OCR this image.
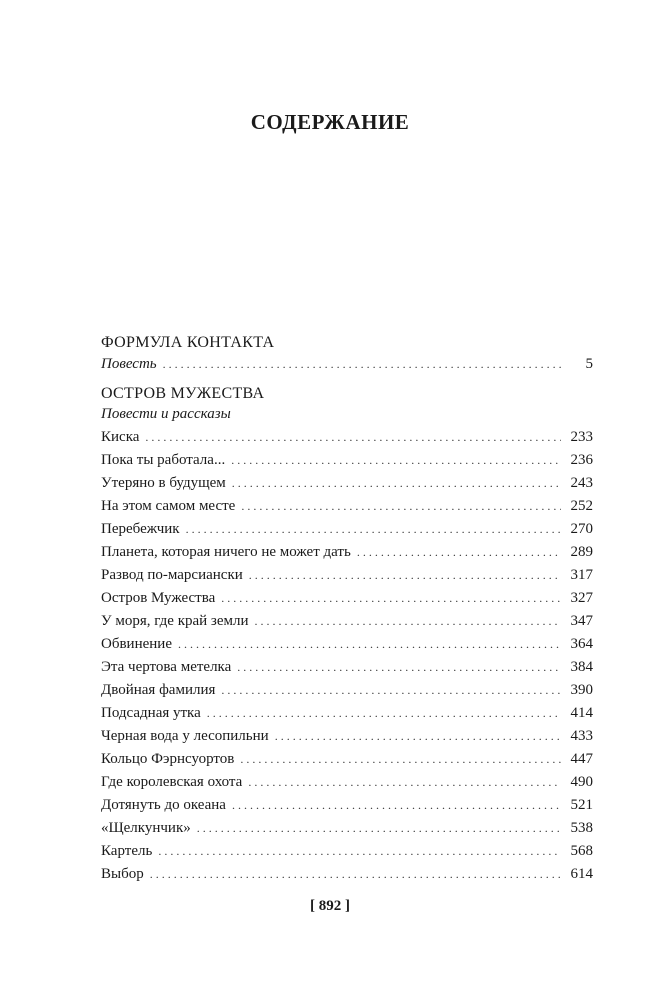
СОДЕРЖАНИЕ
ФОРМУЛА КОНТАКТА
Повесть . . .	5
ОСТРОВ МУЖЕСТВА
Повести и рассказы
Киска . . .	233
Пока ты работала... . . .	236
Утеряно в будущем . . .	243
На этом самом месте . . .	252
Перебежчик . . .	270
Планета, которая ничего не может дать . . .	289
Развод по-марсиански . . .	317
Остров Мужества . . .	327
У моря, где край земли . . .	347
Обвинение . . .	364
Эта чертова метелка . . .	384
Двойная фамилия . . .	390
Подсадная утка . . .	414
Черная вода у лесопильни . . .	433
Кольцо Фэрнсуортов . . .	447
Где королевская охота . . .	490
Дотянуть до океана . . .	521
«Щелкунчик» . . .	538
Картель . . .	568
Выбор . . .	614
[ 892 ]
